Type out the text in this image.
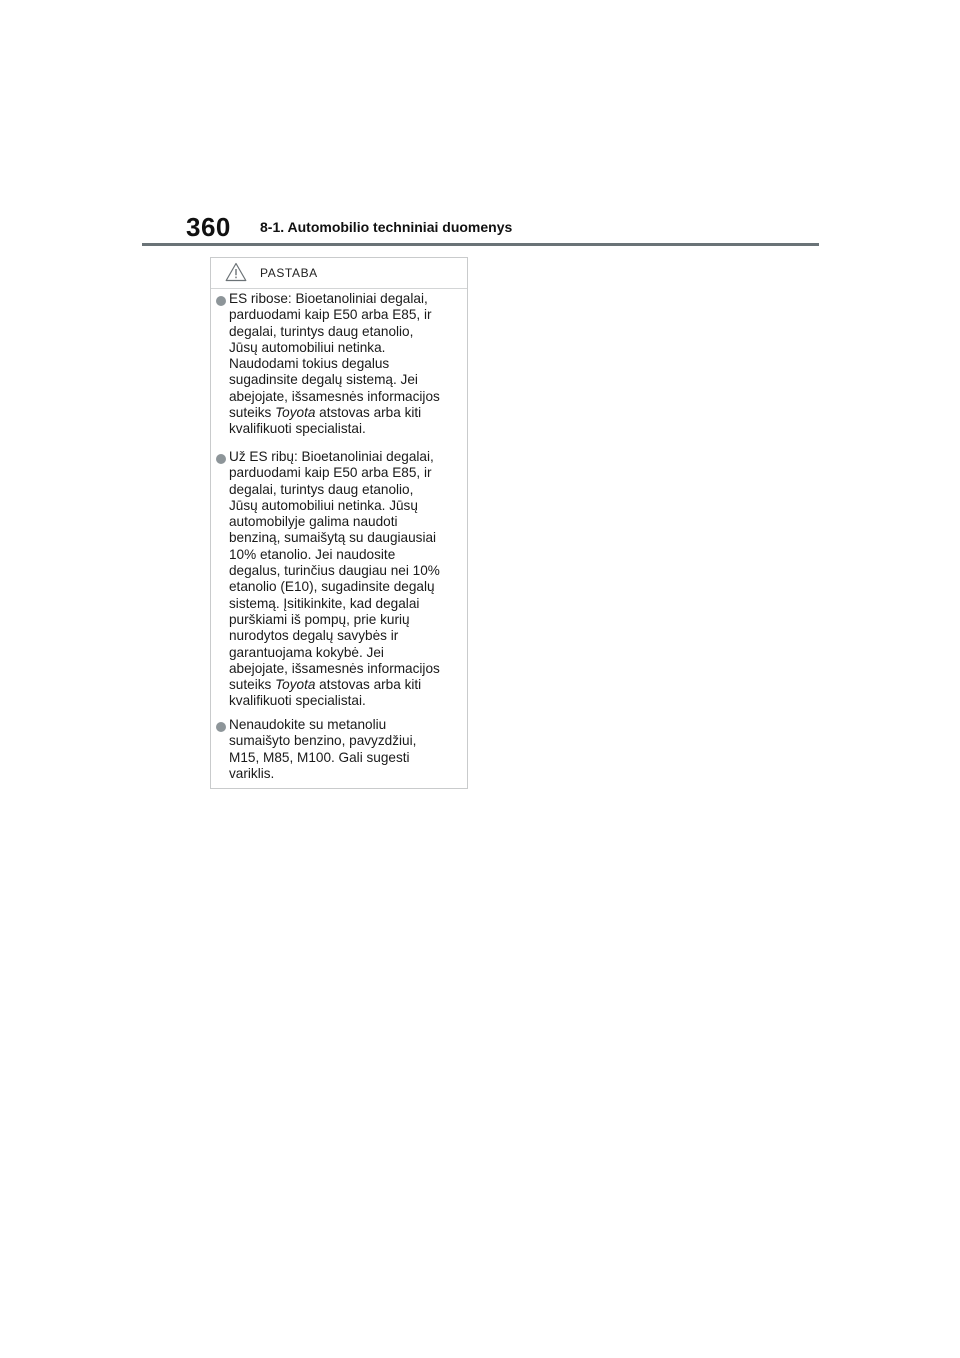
360 8-1. Automobilio techniniai duomenys
PASTABA

ES ribose: Bioetanoliniai degalai,
parduodami kaip E50 arba E85, ir
degalai, turintys daug etanolio,
Jūsų automobiliui netinka.
Naudodami tokius degalus
sugadinsite degalų sistemą. Jei
abejojate, išsamesnės informacijos
suteiks Toyota atstovas arba kiti
kvalifikuoti specialistai.

Už ES ribų: Bioetanoliniai degalai,
parduodami kaip E50 arba E85, ir
degalai, turintys daug etanolio,
Jūsų automobiliui netinka. Jūsų
automobilyje galima naudoti
benziną, sumaišytą su daugiausiai
10% etanolio. Jei naudosite
degalus, turinčius daugiau nei 10%
etanolio (E10), sugadinsite degalų
sistemą. Įsitikinkite, kad degalai
purškiami iš pompų, prie kurių
nurodytos degalų savybės ir
garantuojama kokybė. Jei
abejojate, išsamesnės informacijos
suteiks Toyota atstovas arba kiti
kvalifikuoti specialistai.

Nenaudokite su metanoliu
sumaišyto benzino, pavyzdžiui,
M15, M85, M100. Gali sugesti
variklis.
